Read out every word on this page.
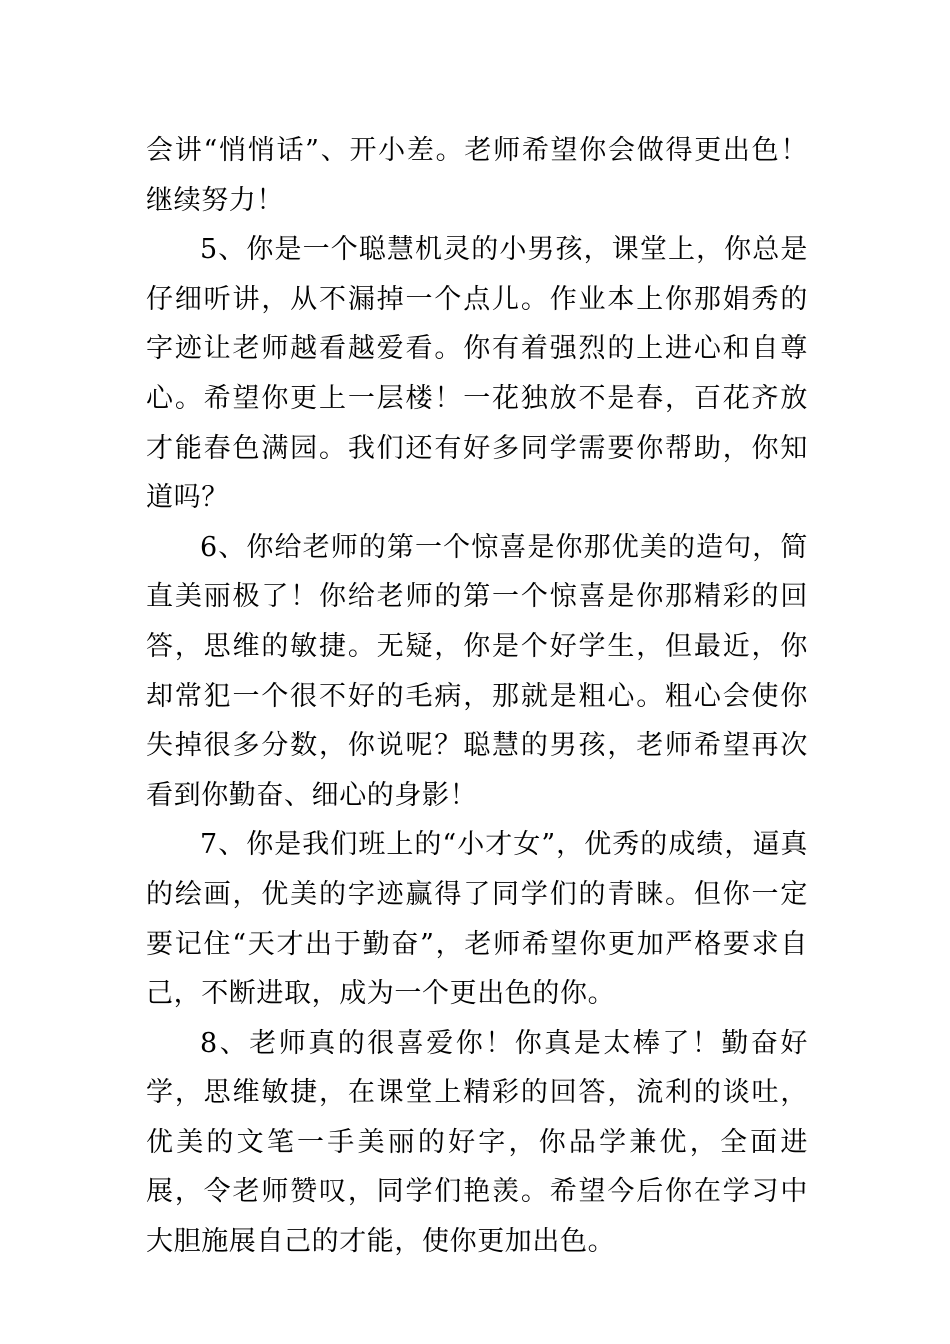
会讲“悄悄话”、开小差。老师希望你会做得更出色！继续努力！

5、你是一个聪慧机灵的小男孩，课堂上，你总是仔细听讲，从不漏掉一个点儿。作业本上你那娟秀的字迹让老师越看越爱看。你有着强烈的上进心和自尊心。希望你更上一层楼！一花独放不是春，百花齐放才能春色满园。我们还有好多同学需要你帮助，你知道吗？

6、你给老师的第一个惊喜是你那优美的造句，简直美丽极了！你给老师的第一个惊喜是你那精彩的回答，思维的敏捷。无疑，你是个好学生，但最近，你却常犯一个很不好的毛病，那就是粗心。粗心会使你失掉很多分数，你说呢？聪慧的男孩，老师希望再次看到你勤奋、细心的身影！

7、你是我们班上的“小才女”，优秀的成绩，逼真的绘画，优美的字迹赢得了同学们的青睐。但你一定要记住“天才出于勤奋”，老师希望你更加严格要求自己，不断进取，成为一个更出色的你。

8、老师真的很喜爱你！你真是太棒了！勤奋好学，思维敏捷，在课堂上精彩的回答，流利的谈吐，优美的文笔一手美丽的好字，你品学兼优，全面进展，令老师赞叹，同学们艳羡。希望今后你在学习中大胆施展自己的才能，使你更加出色。
